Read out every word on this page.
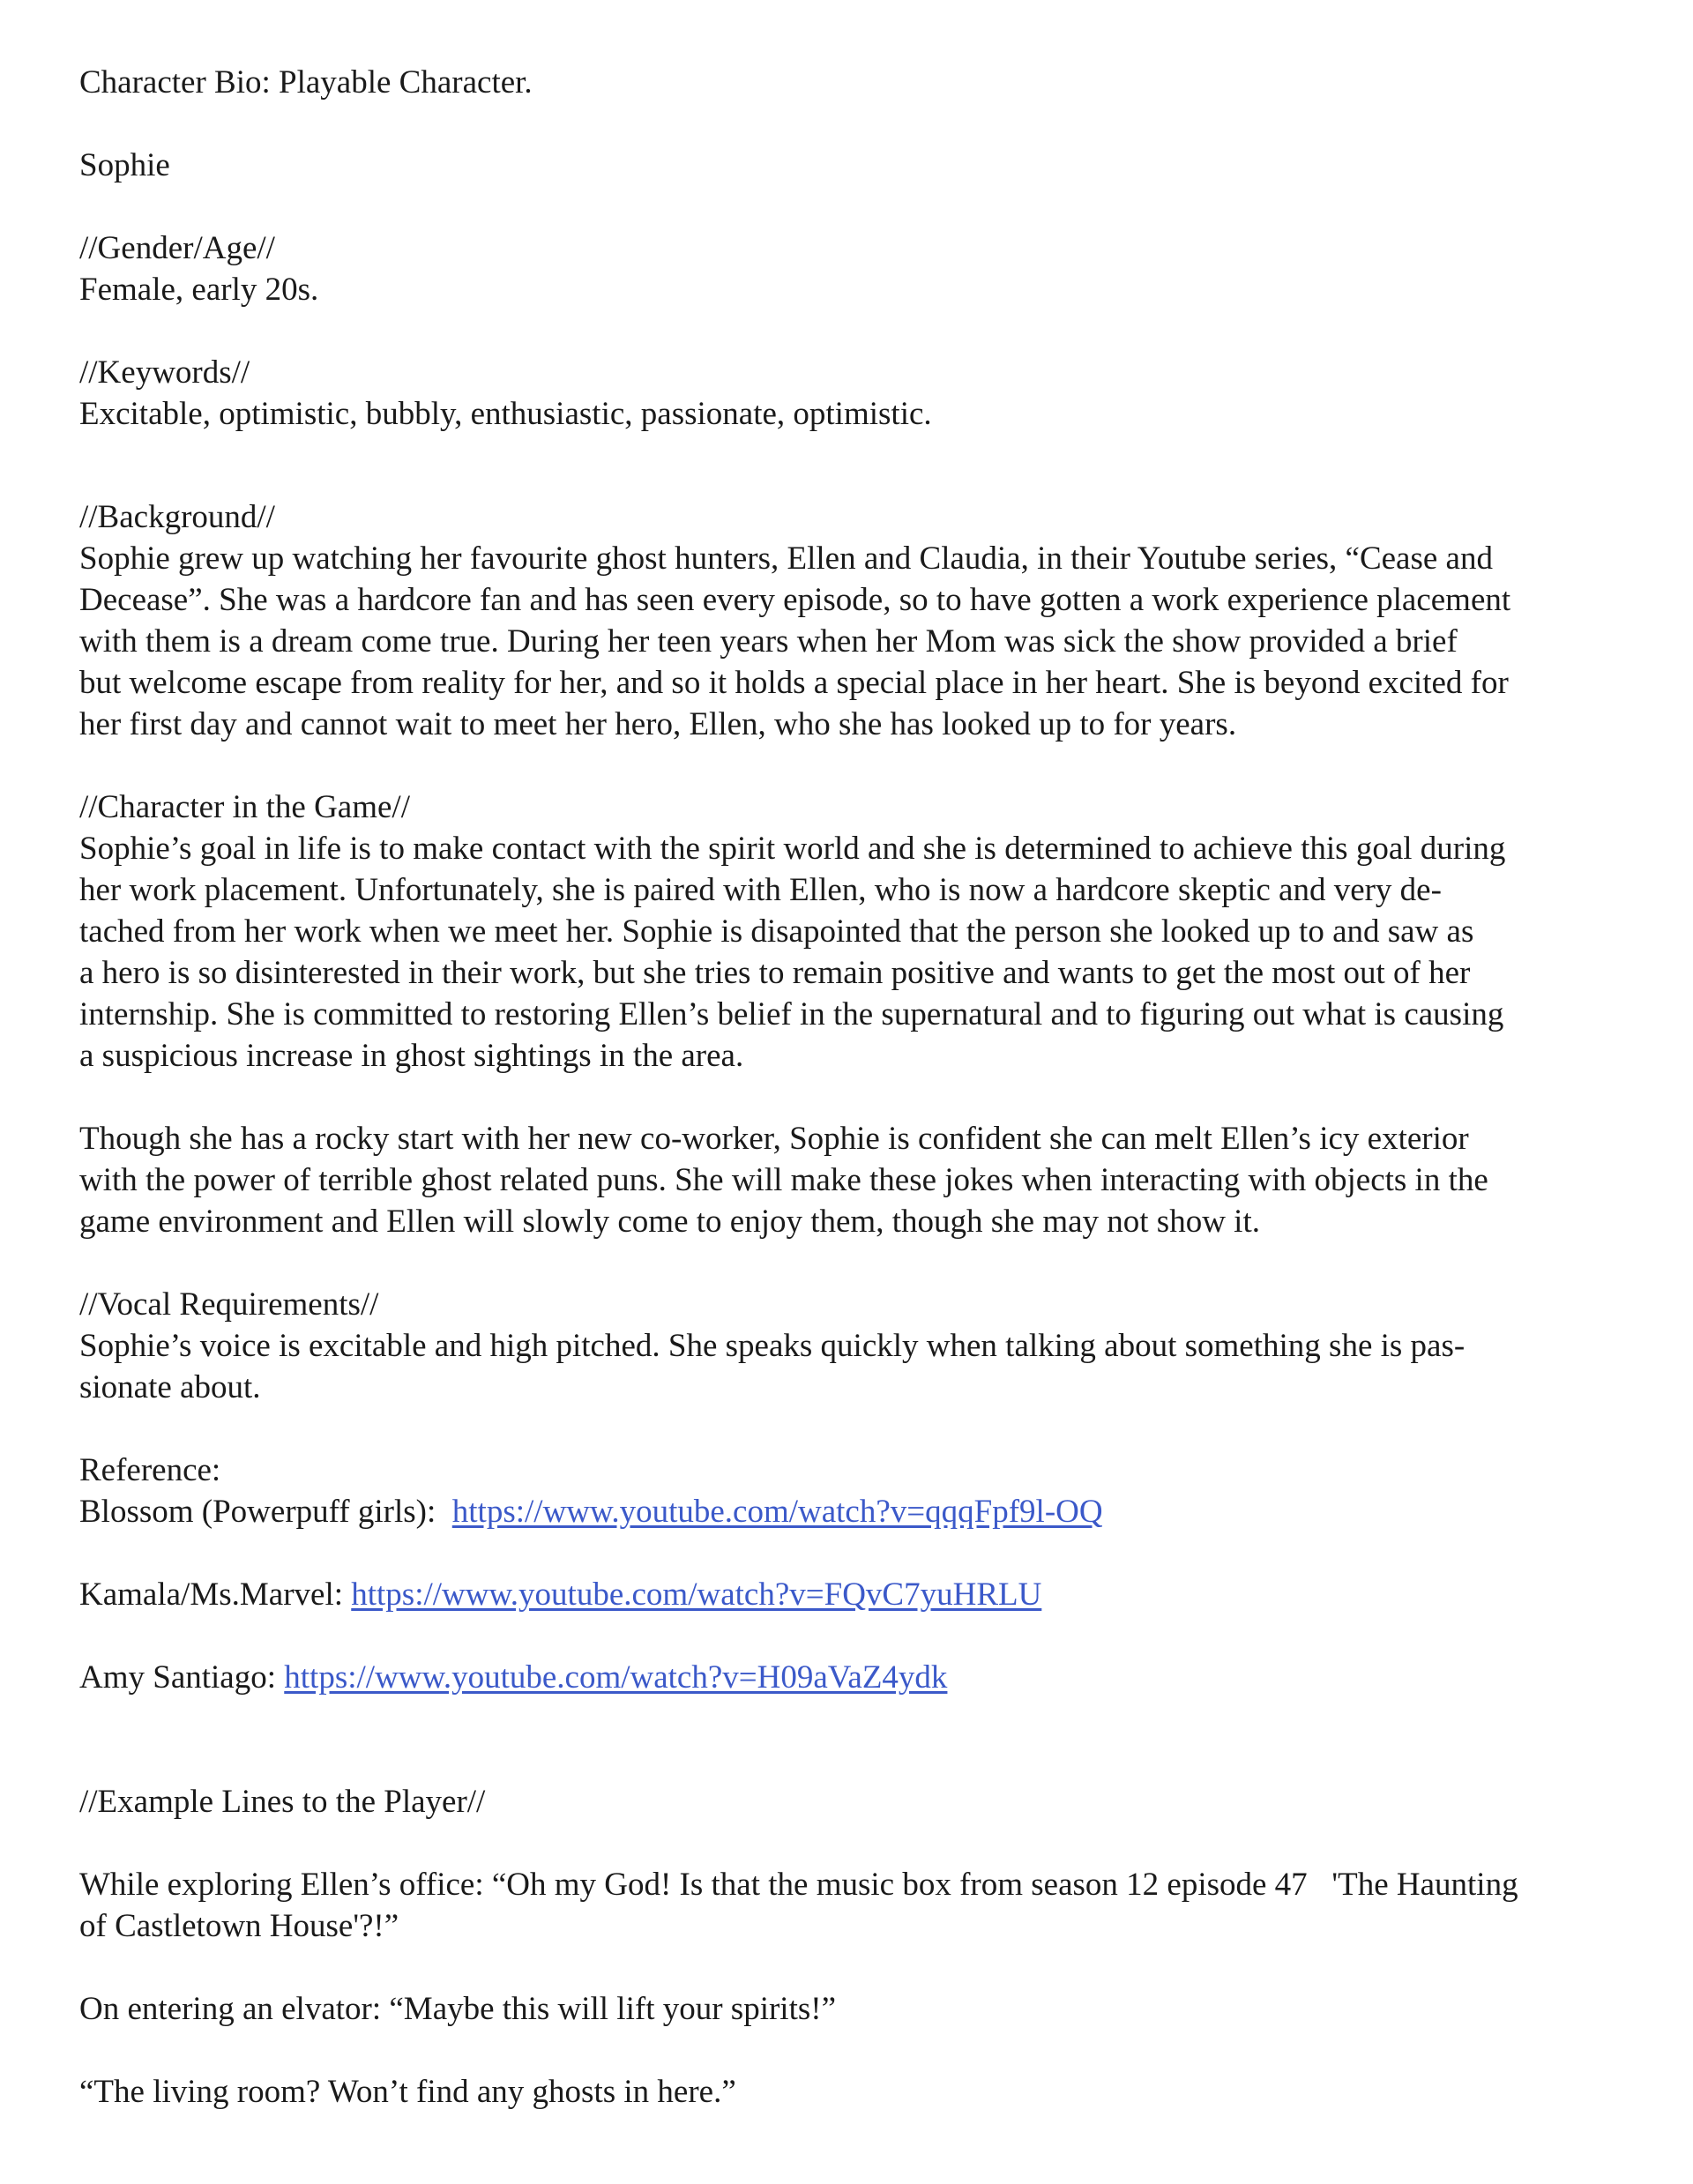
Character Bio: Playable Character.

Sophie

//Gender/Age//

Female, early 20s.

//Keywords//

Excitable, optimistic, bubbly, enthusiastic, passionate, optimistic.

//Background//

Sophie grew up watching her favourite ghost hunters, Ellen and Claudia, in their Youtube series, “Cease and

Decease”. She was a hardcore fan and has seen every episode, so to have gotten a work experience placement

with them is a dream come true. During her teen years when her Mom was sick the show provided a brief

but welcome escape from reality for her, and so it holds a special place in her heart. She is beyond excited for

her first day and cannot wait to meet her hero, Ellen, who she has looked up to for years.

//Character in the Game//

Sophie’s goal in life is to make contact with the spirit world and she is determined to achieve this goal during

her work placement. Unfortunately, she is paired with Ellen, who is now a hardcore skeptic and very de-

tached from her work when we meet her. Sophie is disapointed that the person she looked up to and saw as

a hero is so disinterested in their work, but she tries to remain positive and wants to get the most out of her

internship. She is committed to restoring Ellen’s belief in the supernatural and to figuring out what is causing

a suspicious increase in ghost sightings in the area.

Though she has a rocky start with her new co-worker, Sophie is confident she can melt Ellen’s icy exterior

with the power of terrible ghost related puns. She will make these jokes when interacting with objects in the

game environment and Ellen will slowly come to enjoy them, though she may not show it.

//Vocal Requirements//

Sophie’s voice is excitable and high pitched. She speaks quickly when talking about something she is pas-

sionate about.

Reference:

Blossom (Powerpuff girls):  https://www.youtube.com/watch?v=qqqFpf9l-OQ

Kamala/Ms.Marvel: https://www.youtube.com/watch?v=FQvC7yuHRLU

Amy Santiago: https://www.youtube.com/watch?v=H09aVaZ4ydk

//Example Lines to the Player//

While exploring Ellen’s office: “Oh my God! Is that the music box from season 12 episode 47   'The Haunting

of Castletown House'?!”

On entering an elvator: “Maybe this will lift your spirits!”

“The living room? Won’t find any ghosts in here.”
